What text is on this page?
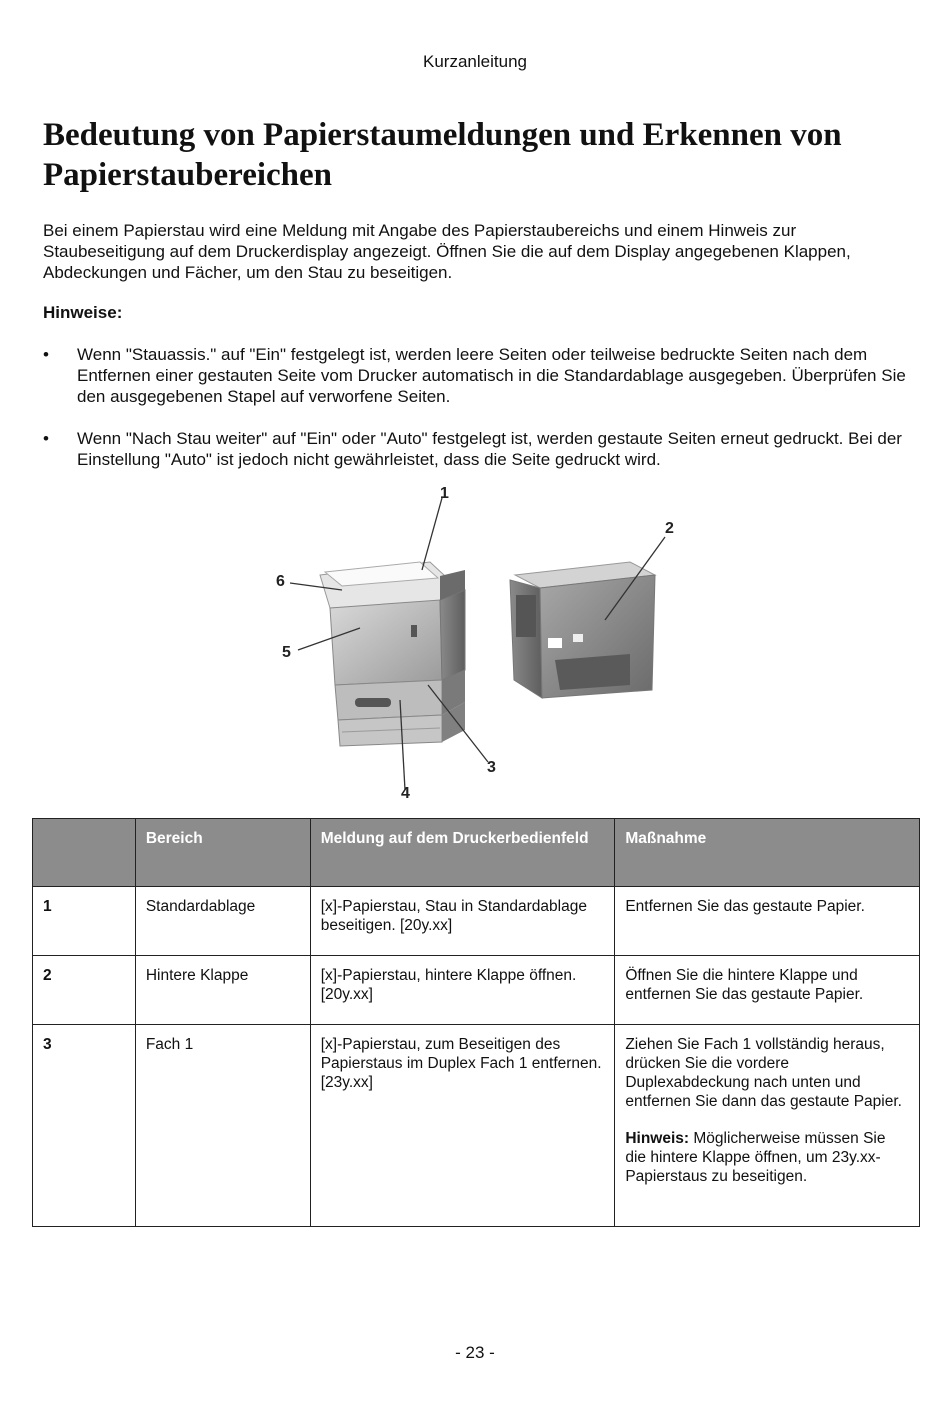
Kurzanleitung
Bedeutung von Papierstaumeldungen und Erkennen von Papierstaubereichen

Bei einem Papierstau wird eine Meldung mit Angabe des Papierstaubereichs und einem Hinweis zur Staubeseitigung auf dem Druckerdisplay angezeigt. Öffnen Sie die auf dem Display angegebenen Klappen, Abdeckungen und Fächer, um den Stau zu beseitigen.

Hinweise:

• Wenn "Stauassis." auf "Ein" festgelegt ist, werden leere Seiten oder teilweise bedruckte Seiten nach dem Entfernen einer gestauten Seite vom Drucker automatisch in die Standardablage ausgegeben. Überprüfen Sie den ausgegebenen Stapel auf verworfene Seiten.
• Wenn "Nach Stau weiter" auf "Ein" oder "Auto" festgelegt ist, werden gestaute Seiten erneut gedruckt. Bei der Einstellung "Auto" ist jedoch nicht gewährleistet, dass die Seite gedruckt wird.
1
2
3
4
5
6
	Bereich	Meldung auf dem Druckerbedienfeld	Maßnahme
1	Standardablage	[x]-Papierstau, Stau in Standardablage beseitigen. [20y.xx]	Entfernen Sie das gestaute Papier.
2	Hintere Klappe	[x]-Papierstau, hintere Klappe öffnen. [20y.xx]	Öffnen Sie die hintere Klappe und entfernen Sie das gestaute Papier.
3	Fach 1	[x]-Papierstau, zum Beseitigen des Papierstaus im Duplex Fach 1 entfernen. [23y.xx]	Ziehen Sie Fach 1 vollständig heraus, drücken Sie die vordere Duplexabdeckung nach unten und entfernen Sie dann das gestaute Papier.
Hinweis: Möglicherweise müssen Sie die hintere Klappe öffnen, um 23y.xx-Papierstaus zu beseitigen.
- 23 -
